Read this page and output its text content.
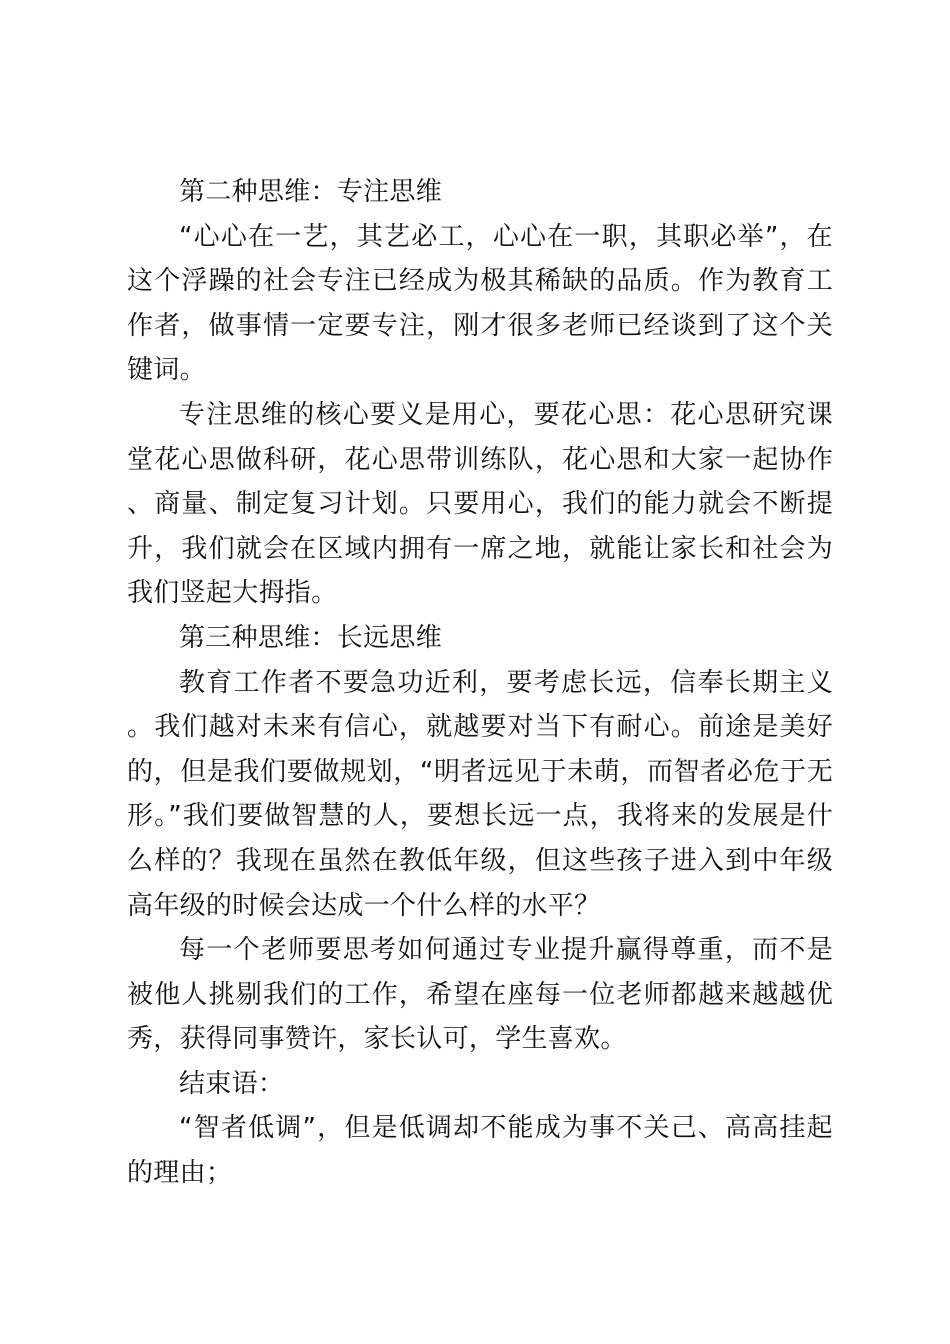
第二种思维：专注思维

“心心在一艺，其艺必工，心心在一职，其职必举”，在这个浮躁的社会专注已经成为极其稀缺的品质。作为教育工作者，做事情一定要专注，刚才很多老师已经谈到了这个关键词。

专注思维的核心要义是用心，要花心思：花心思研究课堂花心思做科研，花心思带训练队，花心思和大家一起协作、商量、制定复习计划。只要用心，我们的能力就会不断提升，我们就会在区域内拥有一席之地，就能让家长和社会为我们竖起大拇指。

第三种思维：长远思维

教育工作者不要急功近利，要考虑长远，信奉长期主义。我们越对未来有信心，就越要对当下有耐心。前途是美好的，但是我们要做规划，“明者远见于未萌，而智者必危于无形。”我们要做智慧的人，要想长远一点，我将来的发展是什么样的？我现在虽然在教低年级，但这些孩子进入到中年级高年级的时候会达成一个什么样的水平？

每一个老师要思考如何通过专业提升赢得尊重，而不是被他人挑剔我们的工作，希望在座每一位老师都越来越越优秀，获得同事赞许，家长认可，学生喜欢。

结束语：

“智者低调”，但是低调却不能成为事不关己、高高挂起的理由；
